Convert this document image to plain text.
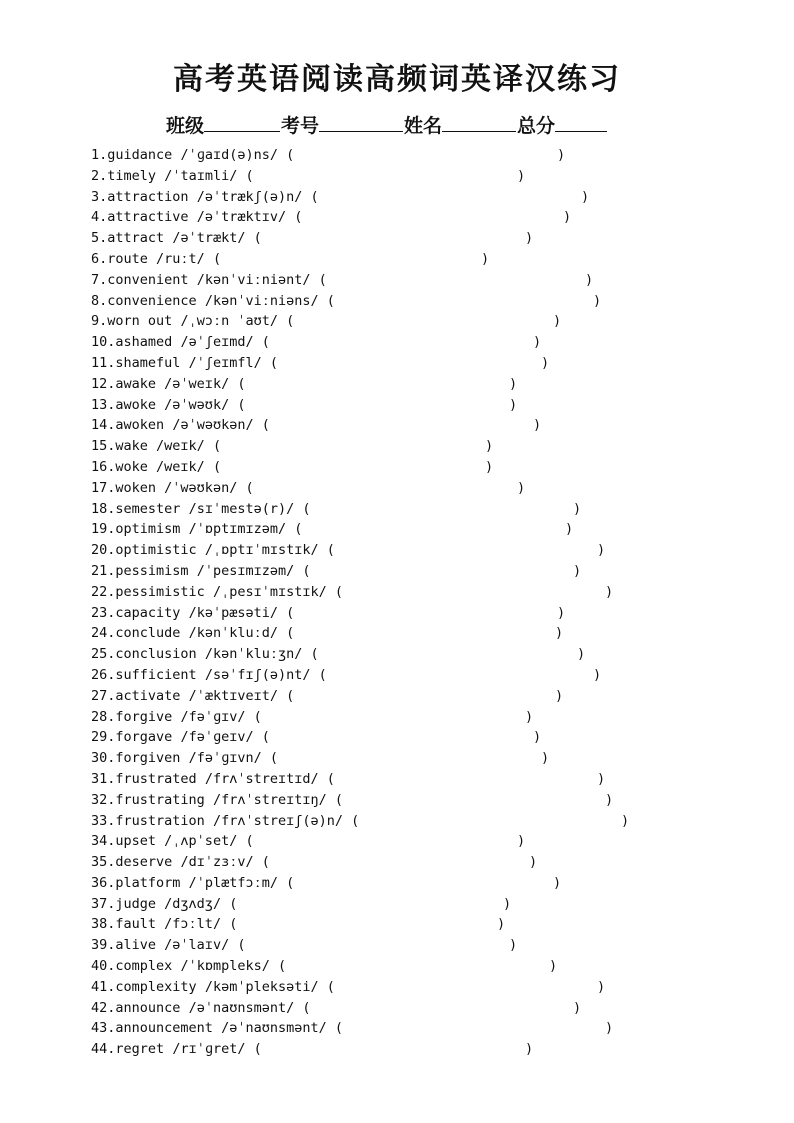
高考英语阅读高频词英译汉练习
班级	考号	姓名	总分
1.guidance /ˈɡaɪd(ə)ns/ (	)
2.timely /ˈtaɪmli/ (	)
3.attraction /əˈtrækʃ(ə)n/ (	)
4.attractive /əˈtræktɪv/ (	)
5.attract /əˈtrækt/ (	)
6.route /ruːt/ (	)
7.convenient /kənˈviːniənt/ (	)
8.convenience /kənˈviːniəns/ (	)
9.worn out /ˌwɔːn ˈaʊt/ (	)
10.ashamed /əˈʃeɪmd/ (	)
11.shameful /ˈʃeɪmfl/ (	)
12.awake /əˈweɪk/ (	)
13.awoke /əˈwəʊk/ (	)
14.awoken /əˈwəʊkən/ (	)
15.wake /weɪk/ (	)
16.woke /weɪk/ (	)
17.woken /ˈwəʊkən/ (	)
18.semester /sɪˈmestə(r)/ (	)
19.optimism /ˈɒptɪmɪzəm/ (	)
20.optimistic /ˌɒptɪˈmɪstɪk/ (	)
21.pessimism /ˈpesɪmɪzəm/ (	)
22.pessimistic /ˌpesɪˈmɪstɪk/ (	)
23.capacity /kəˈpæsəti/ (	)
24.conclude /kənˈkluːd/ (	)
25.conclusion /kənˈkluːʒn/ (	)
26.sufficient /səˈfɪʃ(ə)nt/ (	)
27.activate /ˈæktɪveɪt/ (	)
28.forgive /fəˈɡɪv/ (	)
29.forgave /fəˈɡeɪv/ (	)
30.forgiven /fəˈɡɪvn/ (	)
31.frustrated /frʌˈstreɪtɪd/ (	)
32.frustrating /frʌˈstreɪtɪŋ/ (	)
33.frustration /frʌˈstreɪʃ(ə)n/ (	)
34.upset /ˌʌpˈset/ (	)
35.deserve /dɪˈzɜːv/ (	)
36.platform /ˈplætfɔːm/ (	)
37.judge /dʒʌdʒ/ (	)
38.fault /fɔːlt/ (	)
39.alive /əˈlaɪv/ (	)
40.complex /ˈkɒmpleks/ (	)
41.complexity /kəmˈpleksəti/ (	)
42.announce /əˈnaʊnsmənt/ (	)
43.announcement /əˈnaʊnsmənt/ (	)
44.regret /rɪˈɡret/ (	)
